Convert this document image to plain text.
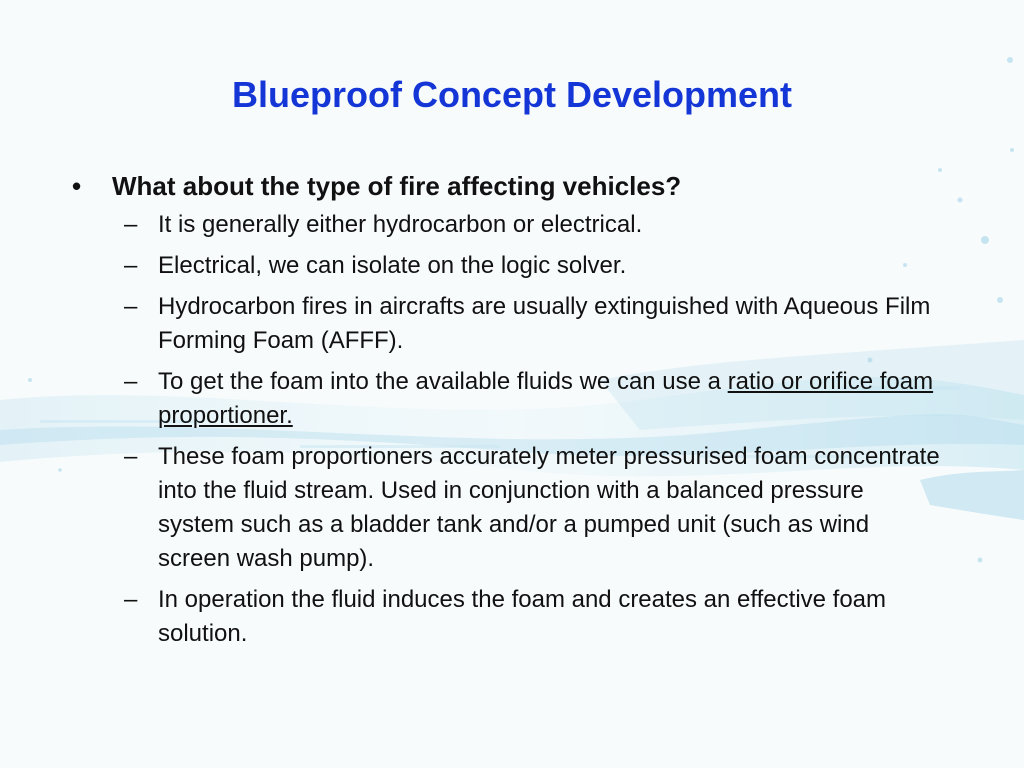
Blueproof Concept Development
•	What about the type of fire affecting vehicles?
– It is generally either hydrocarbon or electrical.
– Electrical, we can isolate on the logic solver.
– Hydrocarbon fires in aircrafts are usually extinguished with Aqueous Film Forming Foam (AFFF).
– To get the foam into the available fluids we can use a ratio or orifice foam proportioner.
– These foam proportioners accurately meter pressurised foam concentrate into the fluid stream. Used in conjunction with a balanced pressure system such as a bladder tank and/or a pumped unit (such as wind screen wash pump).
– In operation the fluid induces the foam and creates an effective foam solution.
